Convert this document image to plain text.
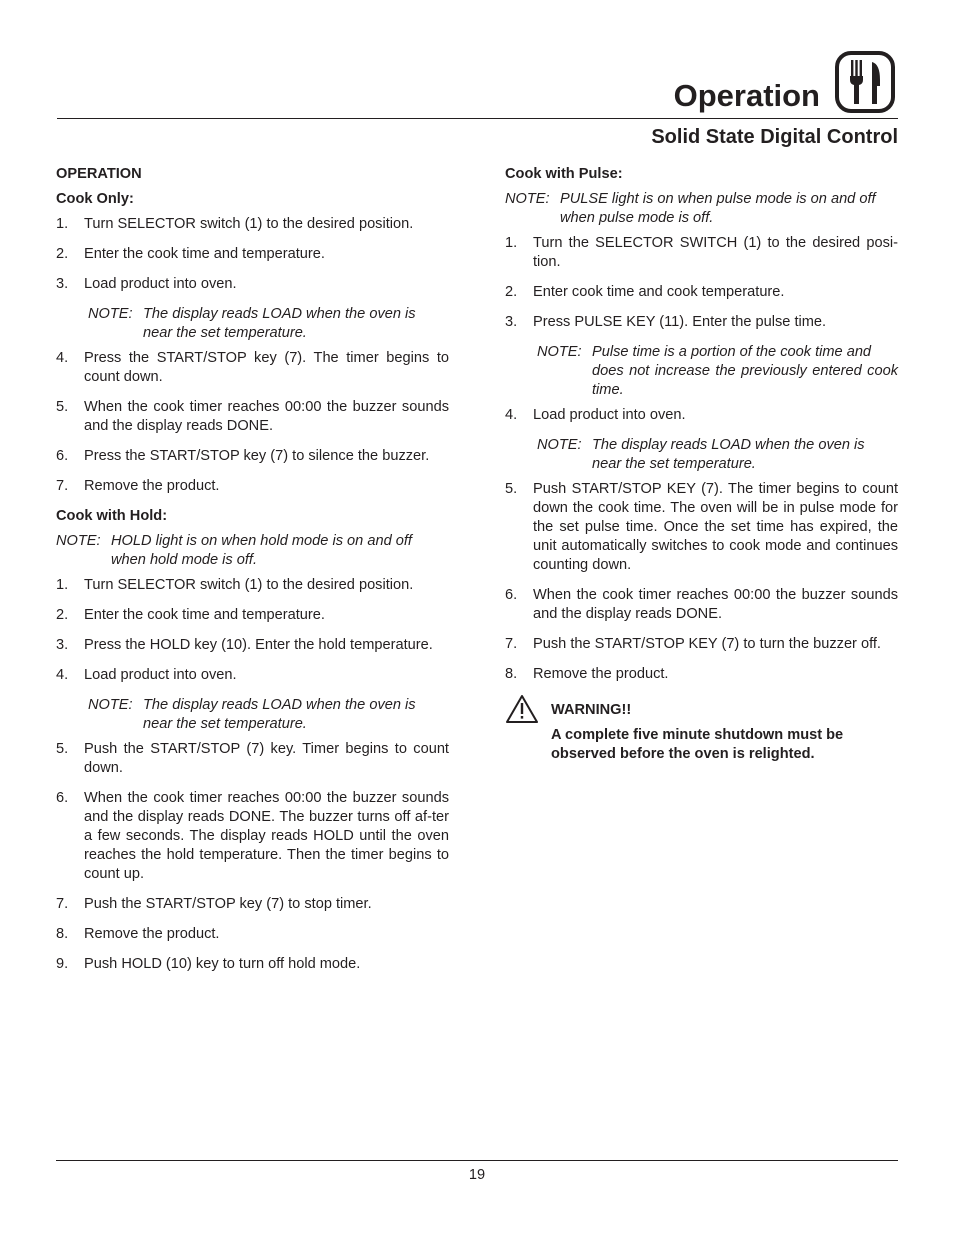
Operation
Solid State Digital Control
OPERATION
Cook Only:
1.	Turn SELECTOR switch (1) to the desired position.
2.	Enter the cook time and temperature.
3.	Load product into oven.
NOTE: The display reads LOAD when the oven is
near the set temperature.
4.	Press the START/STOP key (7). The timer begins to count down.
5.	When the cook timer reaches 00:00 the buzzer sounds and the display reads DONE.
6.	Press the START/STOP key (7) to silence the buzzer.
7.	Remove the product.
Cook with Hold:
NOTE: HOLD light is on when hold mode is on and off
when hold mode is off.
1.	Turn SELECTOR switch (1) to the desired position.
2.	Enter the cook time and temperature.
3.	Press the HOLD key (10). Enter the hold temperature.
4.	Load product into oven.
NOTE: The display reads LOAD when the oven is
near the set temperature.
5.	Push the START/STOP (7) key. Timer begins to count down.
6.	When the cook timer reaches 00:00 the buzzer sounds and the display reads DONE. The buzzer turns off af-ter a few seconds. The display reads HOLD until the oven reaches the hold temperature. Then the timer begins to count up.
7.	Push the START/STOP key (7) to stop timer.
8.	Remove the product.
9.	Push HOLD (10) key to turn off hold mode.
Cook with Pulse:
NOTE: PULSE light is on when pulse mode is on and off
when pulse mode is off.
1.	Turn the SELECTOR SWITCH (1) to the desired posi-tion.
2.	Enter cook time and cook temperature.
3.	Press PULSE KEY (11). Enter the pulse time.
NOTE: Pulse time is a portion of the cook time and
does not increase the previously entered cook time.
4.	Load product into oven.
NOTE: The display reads LOAD when the oven is
near the set temperature.
5.	Push START/STOP KEY (7). The timer begins to count down the cook time. The oven will be in pulse mode for the set pulse time. Once the set time has expired, the unit automatically switches to cook mode and continues counting down.
6.	When the cook timer reaches 00:00 the buzzer sounds and the display reads DONE.
7.	Push the START/STOP KEY (7) to turn the buzzer off.
8.	Remove the product.
WARNING!!
A complete five minute shutdown must be observed before the oven is relighted.
19
